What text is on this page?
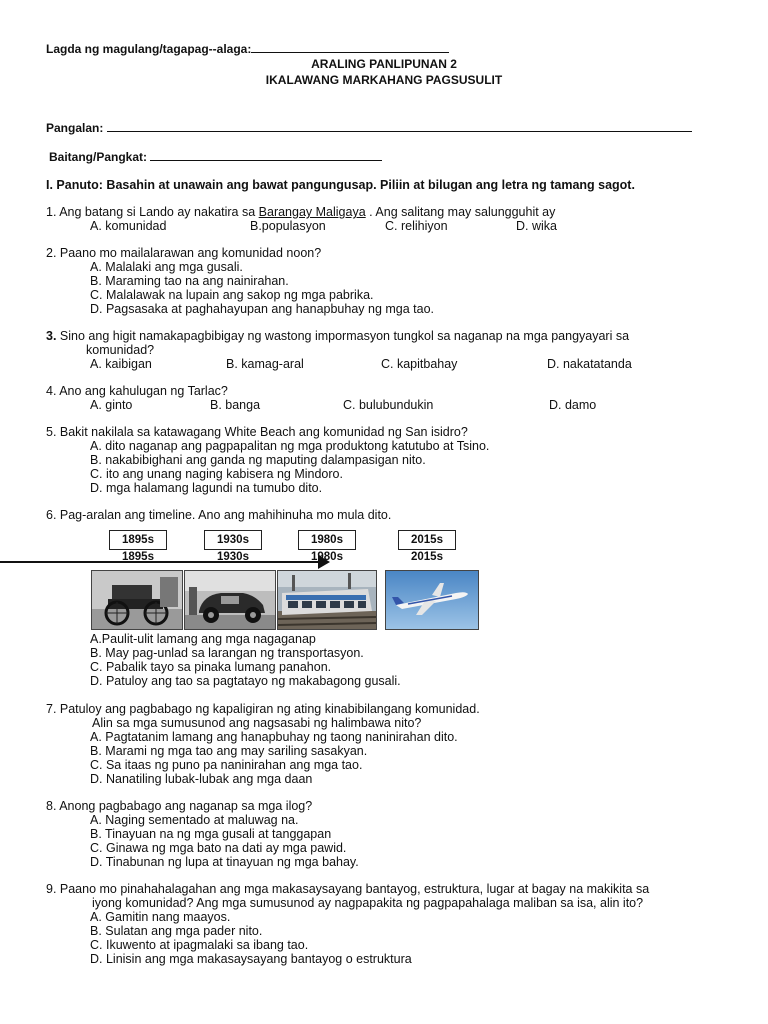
Lagda ng magulang/tagapag--alaga:
ARALING PANLIPUNAN 2
IKALAWANG MARKAHANG PAGSUSULIT
Pangalan:
Baitang/Pangkat:
I. Panuto: Basahin at unawain ang bawat pangungusap. Piliin at bilugan ang letra ng tamang sagot.
1. Ang batang si Lando ay nakatira sa Barangay Maligaya . Ang salitang may salungguhit ay
A. komunidad	B.populasyon	C. relihiyon	D. wika
2. Paano mo mailalarawan ang komunidad noon?
A. Malalaki ang mga gusali.
B. Maraming tao na ang nainirahan.
C. Malalawak na lupain ang sakop ng mga pabrika.
D. Pagsasaka at paghahayupan ang hanapbuhay ng mga tao.
3. Sino ang higit namakapagbibigay ng wastong impormasyon tungkol sa naganap na mga pangyayari sa
komunidad?
A. kaibigan	B. kamag-aral	C. kapitbahay	D. nakatatanda
4. Ano ang kahulugan ng Tarlac?
A. ginto	B. banga	C. bulubundukin	D. damo
5. Bakit nakilala sa katawagang White Beach ang komunidad ng San isidro?
A. dito naganap ang pagpapalitan ng mga produktong katutubo at Tsino.
B. nakabibighani ang ganda ng maputing dalampasigan nito.
C. ito ang unang naging kabisera ng Mindoro.
D. mga halamang lagundi na tumubo dito.
6. Pag-aralan ang timeline. Ano ang mahihinuha mo mula dito.
1895s	1930s	1980s	2015s
1895s	1930s	1980s	2015s
A.Paulit-ulit lamang ang mga nagaganap
B. May pag-unlad sa larangan ng transportasyon.
C. Pabalik tayo sa pinaka lumang panahon.
D. Patuloy ang tao sa pagtatayo ng makabagong gusali.
7. Patuloy ang pagbabago ng kapaligiran ng ating kinabibilangang komunidad.
Alin sa mga sumusunod ang nagsasabi ng halimbawa nito?
A. Pagtatanim lamang ang hanapbuhay ng taong naninirahan dito.
B. Marami ng mga tao ang may sariling sasakyan.
C. Sa itaas ng puno pa naninirahan ang mga tao.
D. Nanatiling lubak-lubak ang mga daan
8. Anong pagbabago ang naganap sa mga ilog?
A. Naging sementado at maluwag na.
B. Tinayuan na ng mga gusali at tanggapan
C. Ginawa ng mga bato na dati ay mga pawid.
D. Tinabunan ng lupa at tinayuan ng mga bahay.
9. Paano mo pinahahalagahan ang mga makasaysayang bantayog, estruktura, lugar at bagay na makikita sa
iyong komunidad? Ang mga sumusunod ay nagpapakita ng pagpapahalaga maliban sa isa, alin ito?
A. Gamitin nang maayos.
B. Sulatan ang mga pader nito.
C. Ikuwento at ipagmalaki sa ibang tao.
D. Linisin ang mga makasaysayang bantayog o estruktura
